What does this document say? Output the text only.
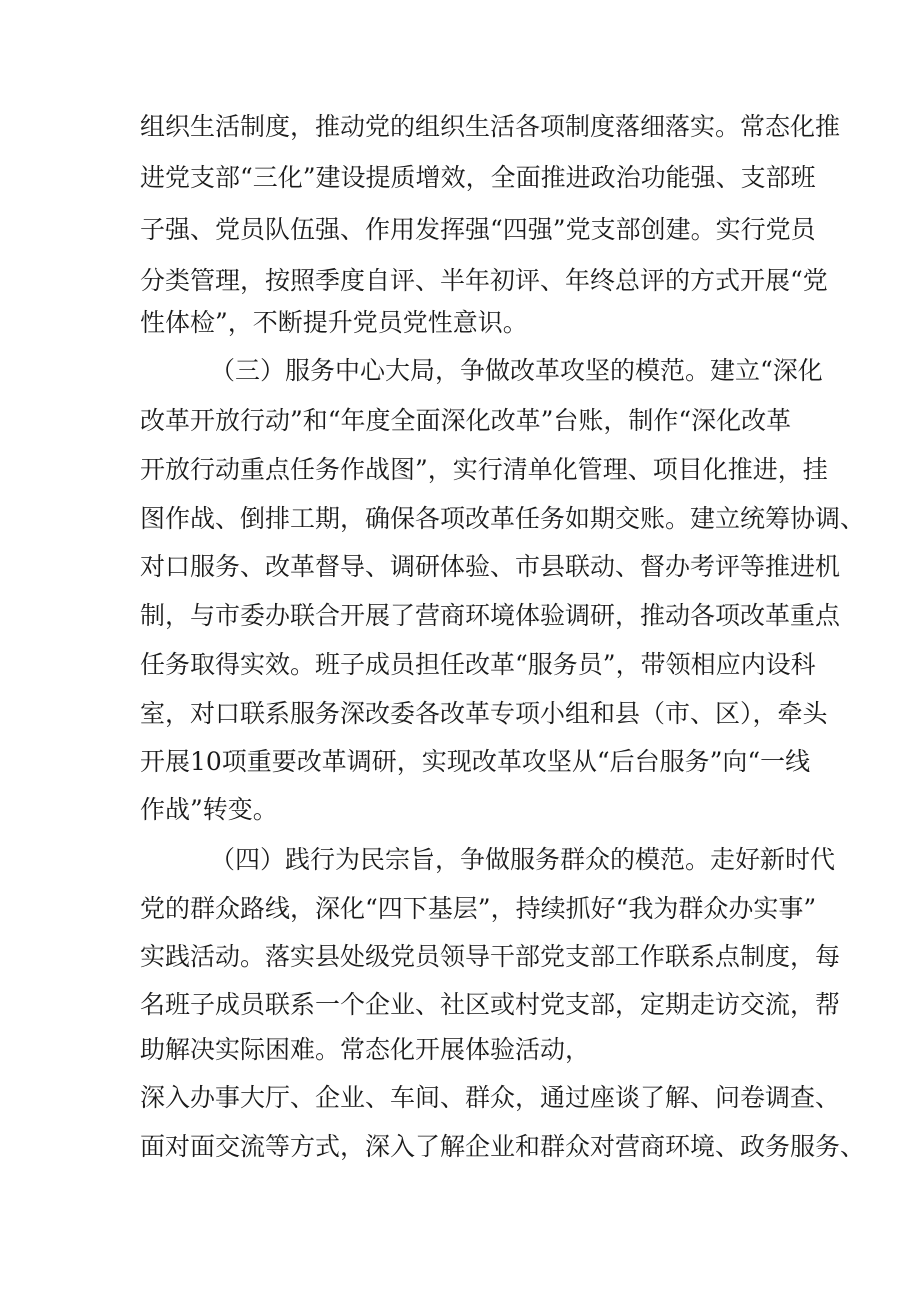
组织生活制度，推动党的组织生活各项制度落细落实。常态化推
进党支部“三化”建设提质增效，全面推进政治功能强、支部班
子强、党员队伍强、作用发挥强“四强”党支部创建。实行党员
分类管理，按照季度自评、半年初评、年终总评的方式开展“党
性体检”，不断提升党员党性意识。
（三）服务中心大局，争做改革攻坚的模范。建立“深化
改革开放行动”和“年度全面深化改革”台账，制作“深化改革
开放行动重点任务作战图”，实行清单化管理、项目化推进，挂
图作战、倒排工期，确保各项改革任务如期交账。建立统筹协调、
对口服务、改革督导、调研体验、市县联动、督办考评等推进机
制，与市委办联合开展了营商环境体验调研，推动各项改革重点
任务取得实效。班子成员担任改革“服务员”，带领相应内设科
室，对口联系服务深改委各改革专项小组和县（市、区），牵头
开展10项重要改革调研，实现改革攻坚从“后台服务”向“一线
作战”转变。
（四）践行为民宗旨，争做服务群众的模范。走好新时代
党的群众路线，深化“四下基层”，持续抓好“我为群众办实事”
实践活动。落实县处级党员领导干部党支部工作联系点制度，每
名班子成员联系一个企业、社区或村党支部，定期走访交流，帮
助解决实际困难。常态化开展体验活动，
深入办事大厅、企业、车间、群众，通过座谈了解、问卷调查、
面对面交流等方式，深入了解企业和群众对营商环境、政务服务、
